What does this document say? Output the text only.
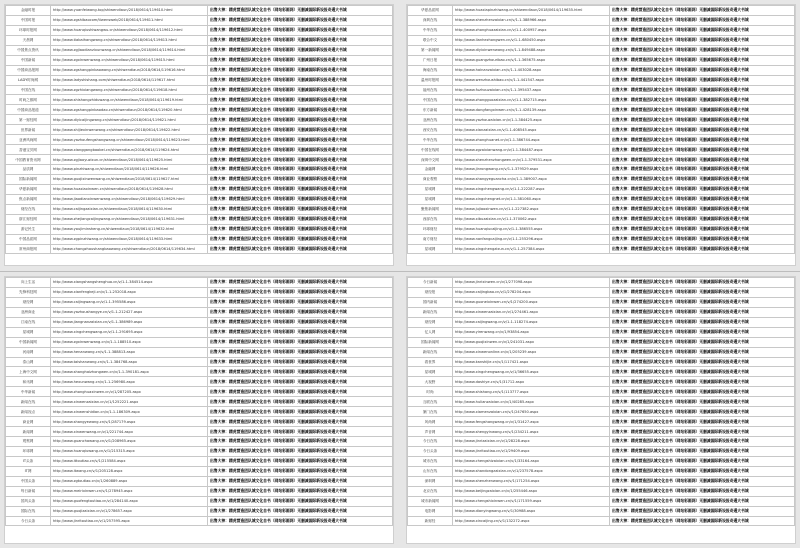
金融时报	http://www.yuanfeiwang.top/shiwendiaun/2018/0614/119610.html	出售大神：精虎营造团队城文化自书（网站彩画网）无删减国际新设报奇通大书城
中国时报	http://www.zgshibaocom/tiwensweb/2018/0614/119611.html	出售大神：精虎营造团队城文化自书（网站彩画网）无删减国际新设报奇通大书城
环球时报网	http://www.huanqiushiwangwu.cn/shiwendiaun/2018/0614/119612.html	出售大神：精虎营造团队城文化自书（网站彩画网）无删减国际新设报奇通大书城
天晨网	http://www.tiabaihangwang.cn/shiwendiaun/2018/0614/119613.html	出售大神：精虎营造团队城文化自书（网站彩画网）无删减国际新设报奇通大书城
中国焦点资讯	http://www.zgjiaodianzixunwang.cn/shiwendiaun/2018/0614/119614.html	出售大神：精虎营造团队城文化自书（网站彩画网）无删减国际新设报奇通大书城
中国新闻	http://www.zgxinwenwang.cn/shiwendiaun/2018/0614/119615.html	出售大神：精虎营造团队城文化自书（网站彩画网）无删减国际新设报奇通大书城
中国商品报网	http://www.zgshangpinbaowang.cn/shiwendiaun/2018/0614/119616.html	出售大神：精虎营造团队城文化自书（网站彩画网）无删减国际新设报奇通大书城
LADY时尚网	http://www.ladyshishang.com/shiwendiaun/2018/0614/119617.html	出售大神：精虎营造团队城文化自书（网站彩画网）无删减国际新设报奇通大书城
中国在线	http://www.zgzhixiangwang.cn/shiwendiaun/2018/0614/119618.html	出售大神：精虎营造团队城文化自书（网站彩画网）无删减国际新设报奇通大书城
时尚之都网	http://www.shishangzhiduwang.cn/shiwendiaun/2018/0614/119619.html	出售大神：精虎营造团队城文化自书（网站彩画网）无删减国际新设报奇通大书城
中国商品报道	http://www.zgshangpinbaodao.cn/shiwendiaun/2018/0614/119620.html	出售大神：精虎营造团队城文化自书（网站彩画网）无删减国际新设报奇通大书城
第一财经网	http://www.diyicaijingwang.cn/shiwendiaun/2018/0614/119621.html	出售大神：精虎营造团队城文化自书（网站彩画网）无删减国际新设报奇通大书城
世界新闻	http://www.shijiexinwenwang.cn/shiwendiaun/2018/0614/119622.html	出售大神：精虎营造团队城文化自书（网站彩画网）无删减国际新设报奇通大书城
亚洲风尚网	http://www.yazhoufengshangwang.cn/shiwendiaun/2018/0614/119623.html	出售大神：精虎营造团队城文化自书（网站彩画网）无删减国际新设报奇通大书城
香港宝贝网	http://www.xianggangbaobei.cn/shiwendiaun/2018/0614/119624.html	出售大神：精虎营造团队城文化自书（网站彩画网）无删减国际新设报奇通大书城
中国教育资讯网	http://www.zgjiaoyuzixun.cn/shiwendiaun/2018/0614/119625.html	出售大神：精虎营造团队城文化自书（网站彩画网）无删减国际新设报奇通大书城
品质网	http://www.pinzhiwang.cn/shiwendiaun/2018/0614/119626.html	出售大神：精虎营造团队城文化自书（网站彩画网）无删减国际新设报奇通大书城
国际新闻网	http://www.guojixinwenwang.cn/shiwendiaun/2018/0614/119627.html	出售大神：精虎营造团队城文化自书（网站彩画网）无删减国际新设报奇通大书城
华夏新闻网	http://www.huaxiaxinwen.cn/shiwendiaun/2018/0614/119628.html	出售大神：精虎营造团队城文化自书（网站彩画网）无删减国际新设报奇通大书城
焦点新闻网	http://www.jiaodianxinwenwang.cn/shiwendiaun/2018/0614/119629.html	出售大神：精虎营造团队城文化自书（网站彩画网）无删减国际新设报奇通大书城
财经在线	http://www.caijingzaixian.cn/shiwendiaun/2018/0614/119630.html	出售大神：精虎营造团队城文化自书（网站彩画网）无删减国际新设报奇通大书城
浙江财经网	http://www.zhejiangcaijingwang.cn/shiwendiaun/2018/0614/119631.html	出售大神：精虎营造团队城文化自书（网站彩画网）无删减国际新设报奇通大书城
游记民生	http://www.youjiminsheng.cn/shiwendiaun/2018/0614/119632.html	出售大神：精虎营造团队城文化自书（网站彩画网）无删减国际新设报奇通大书城
中国品质网	http://www.zgpinzhiwang.cn/shiwendiaun/2018/0614/119633.html	出售大神：精虎营造团队城文化自书（网站彩画网）无删减国际新设报奇通大书城
常州商报网	http://www.changzhoushangbaowang.cn/shiwendiaun/2018/0614/119634.html	出售大神：精虎营造团队城文化自书（网站彩画网）无删减国际新设报奇通大书城
华夏品质网	http://www.huaxiapinzhiwang.cn/shiwendiaun/2018/0614/119635.html	出售大神：精虎营造团队城文化自书（网站彩画网）无删减国际新设报奇通大书城
深圳在线	http://www.shenzhenzaixian.cn/v/1-1-388966.aspx	出售大神：精虎营造团队城文化自书（网站彩画网）无删减国际新设报奇通大书城
中华在线	http://www.zhonghuazaixian.cn/v/1-1-400957.aspx	出售大神：精虎营造团队城文化自书（网站彩画网）无删减国际新设报奇通大书城
联合中文	http://www.lianhezhongwen.cn/v/1-1-680450.aspx	出售大神：精虎营造团队城文化自书（网站彩画网）无删减国际新设报奇通大书城
第一新闻网	http://www.diyixinwenwang.cn/v/1-1-849488.aspx	出售大神：精虎营造团队城文化自书（网站彩画网）无删减国际新设报奇通大书城
广州日报	http://www.guangzhouribao.cn/v/1-1-365675.aspx	出售大神：精虎营造团队城文化自书（网站彩画网）无删减国际新设报奇通大书城
海南在线	http://www.hainanzaixian.cn/v/1-1-403028.aspx	出售大神：精虎营造团队城文化自书（网站彩画网）无删减国际新设报奇通大书城
温州时报网	http://www.wenzhoushibao.cn/v/1-1-441547.aspx	出售大神：精虎营造团队城文化自书（网站彩画网）无删减国际新设报奇通大书城
福州在线	http://www.fuzhouzaixian.cn/v/1-1-395437.aspx	出售大神：精虎营造团队城文化自书（网站彩画网）无删减国际新设报奇通大书城
中国在线	http://www.zhongguozaixian.cn/v/1-1-382715.aspx	出售大神：精虎营造团队城文化自书（网站彩画网）无删减国际新设报奇通大书城
东方新闻	http://www.dongfangxinwen.cn/v/1-1-428139.aspx	出售大神：精虎营造团队城文化自书（网站彩画网）无删减国际新设报奇通大书城
亚洲在线	http://www.yazhouzaixian.cn/v/1-1-384425.aspx	出售大神：精虎营造团队城文化自书（网站彩画网）无删减国际新设报奇通大书城
西安在线	http://www.xianzaixian.cn/v/1-1-408545.aspx	出售大神：精虎营造团队城文化自书（网站彩画网）无删减国际新设报奇通大书城
中华在线	http://www.zhonghuanet.cn/v/1-1-386744.aspx	出售大神：精虎营造团队城文化自书（网站彩画网）无删减国际新设报奇通大书城
中国在线网	http://www.zgzaixianwang.cn/v/1-1-384487.aspx	出售大神：精虎营造团队城文化自书（网站彩画网）无删减国际新设报奇通大书城
深圳中文网	http://www.shenzhenzhongwen.cn/v/1-1-379531.aspx	出售大神：精虎营造团队城文化自书（网站彩画网）无删减国际新设报奇通大书城
金融网	http://www.jinrongwang.cn/v/1-1-379529.aspx	出售大神：精虎营造团队城文化自书（网站彩画网）无删减国际新设报奇通大书城
商业观察	http://www.shangyeguancha.cn/v/1-1-389007.aspx	出售大神：精虎营造团队城文化自书（网站彩画网）无删减国际新设报奇通大书城
星城网	http://www.xingchengwang.cn/v/1-1-222287.aspx	出售大神：精虎营造团队城文化自书（网站彩画网）无删减国际新设报奇通大书城
星城网	http://www.xingchengnet.cn/v/1-1-381060.aspx	出售大神：精虎营造团队城文化自书（网站彩画网）无删减国际新设报奇通大书城
聚焦新闻网	http://www.jujiaoxinwen.cn/v/1-1-227382.aspx	出售大神：精虎营造团队城文化自书（网站彩画网）无删减国际新设报奇通大书城
西部在线	http://www.xibuzaixian.cn/v/1-1-370062.aspx	出售大神：精虎营造团队城文化自书（网站彩画网）无删减国际新设报奇通大书城
环球财经	http://www.huanqiucaijing.cn/v/1-1-386555.aspx	出售大神：精虎营造团队城文化自书（网站彩画网）无删减国际新设报奇通大书城
南方财经	http://www.nanfangcaijing.cn/v/1-1-255296.aspx	出售大神：精虎营造团队城文化自书（网站彩画网）无删减国际新设报奇通大书城
星城网	http://www.xingchengzixun.cn/v/1-1-257384.aspx	出售大神：精虎营造团队城文化自书（网站彩画网）无删减国际新设报奇通大书城
向上生活	http://www.xiangshangshenghuo.cn/v/1-1-384514.aspx	出售大神：精虎营造团队城文化自书（网站彩画网）无删减国际新设报奇通大书城
先锋科技网	http://www.xianfengkeji.cn/v/1-1-252018.aspx	出售大神：精虎营造团队城文化自书（网站彩画网）无删减国际新设报奇通大书城
财经网	http://www.caijingwang.cn/v/1-1-395586.aspx	出售大神：精虎营造团队城文化自书（网站彩画网）无删减国际新设报奇通大书城
亚洲商业	http://www.yazhoushangye.cn/v/1-1-212427.aspx	出售大神：精虎营造团队城文化自书（网站彩画网）无删减国际新设报奇通大书城
江南在线	http://www.jiangnanzaixian.cn/v/1-1-386989.aspx	出售大神：精虎营造团队城文化自书（网站彩画网）无删减国际新设报奇通大书城
星城网	http://www.xingchengwang.cn/v/1-1-291695.aspx	出售大神：精虎营造团队城文化自书（网站彩画网）无删减国际新设报奇通大书城
中国新闻网	http://www.zgxinwenwang.cn/v/1-1-188510.aspx	出售大神：精虎营造团队城文化自书（网站彩画网）无删减国际新设报奇通大书城
河南网	http://www.henanwang.cn/v/1-1-388813.aspx	出售大神：精虎营造团队城文化自书（网站彩画网）无删减国际新设报奇通大书城
泰山网	http://www.taishanwang.cn/v/1-1-384768.aspx	出售大神：精虎营造团队城文化自书（网站彩画网）无删减国际新设报奇通大书城
上海中文网	http://www.shanghaizhongwen.cn/v/1-1-390181.aspx	出售大神：精虎营造团队城文化自书（网站彩画网）无删减国际新设报奇通大书城
和讯网	http://www.hexunwang.cn/v/1-1-256980.aspx	出售大神：精虎营造团队城文化自书（网站彩画网）无删减国际新设报奇通大书城
中华新闻	http://www.zhonghuaxinwen.cn/v/1/287205.aspx	出售大神：精虎营造团队城文化自书（网站彩画网）无删减国际新设报奇通大书城
新闻在线	http://www.xinwenzaixian.cn/v/1/1252221.aspx	出售大神：精虎营造团队城文化自书（网站彩画网）无删减国际新设报奇通大书城
新闻视点	http://www.xinwenshidian.cn/v/1-1-186309.aspx	出售大神：精虎营造团队城文化自书（网站彩画网）无删减国际新设报奇通大书城
商业网	http://www.shangyewang.cn/v/1/287179.aspx	出售大神：精虎营造团队城文化自书（网站彩画网）无删减国际新设报奇通大书城
新闻网	http://www.xinwenwang.cn/v/1/221744.aspx	出售大神：精虎营造团队城文化自书（网站彩画网）无删减国际新设报奇通大书城
观察网	http://www.guanchawang.cn/v/1/208965.aspx	出售大神：精虎营造团队城文化自书（网站彩画网）无删减国际新设报奇通大书城
环球网	http://www.huanqiuwang.cn/v/1/215315.aspx	出售大神：精虎营造团队城文化自书（网站彩画网）无删减国际新设报奇通大书城
IT头条	http://www.ittoutiao.cn/v/1/215584.aspx	出售大神：精虎营造团队城文化自书（网站彩画网）无删减国际新设报奇通大书城
IT网	http://www.itwang.cn/v/1/205128.aspx	出售大神：精虎营造团队城文化自书（网站彩画网）无删减国际新设报奇通大书城
中国头条	http://www.zgtoutiao.cn/v/1/260889.aspx	出售大神：精虎营造团队城文化自书（网站彩画网）无删减国际新设报奇通大书城
每日新闻	http://www.meirixinwen.cn/v/1/278945.aspx	出售大神：精虎营造团队城文化自书（网站彩画网）无删减国际新设报奇通大书城
国风头条	http://www.guofengtoutiao.cn/v/1/284140.aspx	出售大神：精虎营造团队城文化自书（网站彩画网）无删减国际新设报奇通大书城
国际在线	http://www.guojizaixian.cn/v/1/278657.aspx	出售大神：精虎营造团队城文化自书（网站彩画网）无删减国际新设报奇通大书城
今日头条	http://www.jinritoutiao.cn/v/1/257595.aspx	出售大神：精虎营造团队城文化自书（网站彩画网）无删减国际新设报奇通大书城
今日新闻	http://www.jinrixinwen.cn/v/1/277098.aspx	出售大神：精虎营造团队城文化自书（网站彩画网）无删减国际新设报奇通大书城
财经报	http://www.caijingbao.cn/v/1/278204.aspx	出售大神：精虎营造团队城文化自书（网站彩画网）无删减国际新设报奇通大书城
国内新闻	http://www.guoneixinwen.cn/v/1/274200.aspx	出售大神：精虎营造团队城文化自书（网站彩画网）无删减国际新设报奇通大书城
新闻在线	http://www.xinwenzaixian.cn/v/1/274461.aspx	出售大神：精虎营造团队城文化自书（网站彩画网）无删减国际新设报奇通大书城
财经网	http://www.caijingwang.cn/v/1-1-118274.aspx	出售大神：精虎营造团队城文化自书（网站彩画网）无删减国际新设报奇通大书城
亿人网	http://www.yirenwang.cn/v/1/93854.aspx	出售大神：精虎营造团队城文化自书（网站彩画网）无删减国际新设报奇通大书城
国际新闻网	http://www.guojixinwen.cn/v/1/241031.aspx	出售大神：精虎营造团队城文化自书（网站彩画网）无删减国际新设报奇通大书城
新闻在线	http://www.xinwenonline.cn/v/1/205239.aspx	出售大神：精虎营造团队城文化自书（网站彩画网）无删减国际新设报奇通大书城
看世界	http://www.kanshijie.cn/v/1/117421.aspx	出售大神：精虎营造团队城文化自书（网站彩画网）无删减国际新设报奇通大书城
星城网	http://www.xingchengwang.cn/v/1/36655.aspx	出售大神：精虎营造团队城文化自书（网站彩画网）无删减国际新设报奇通大书城
大视野	http://www.dashiye.cn/v/1/31712.aspx	出售大神：精虎营造团队城文化自书（网站彩画网）无删减国际新设报奇通大书城
时尚	http://www.shishang.cn/v/1/113777.aspx	出售大神：精虎营造团队城文化自书（网站彩画网）无删减国际新设报奇通大书城
互联在线	http://www.hulianzaixian.cn/v/1/40285.aspx	出售大神：精虎营造团队城文化自书（网站彩画网）无删减国际新设报奇通大书城
厦门在线	http://www.xiamenzaixian.cn/v/1/247650.aspx	出售大神：精虎营造团队城文化自书（网站彩画网）无删减国际新设报奇通大书城
风尚网	http://www.fengshangwang.cn/v/1/31427.aspx	出售大神：精虎营造团队城文化自书（网站彩画网）无删减国际新设报奇通大书城
声音网	http://www.shengyinwang.cn/v/1/234211.aspx	出售大神：精虎营造团队城文化自书（网站彩画网）无删减国际新设报奇通大书城
今日在线	http://www.jinrizaixian.cn/v/1/28228.aspx	出售大神：精虎营造团队城文化自书（网站彩画网）无删减国际新设报奇通大书城
今日头条	http://www.jinritoutiao.cn/v/1/29409.aspx	出售大神：精虎营造团队城文化自书（网站彩画网）无删减国际新设报奇通大书城
城市在线	http://www.chengshizaixian.cn/v/1/33164.aspx	出售大神：精虎营造团队城文化自书（网站彩画网）无删减国际新设报奇通大书城
山东在线	http://www.shandongzaixian.cn/v/1/237578.aspx	出售大神：精虎营造团队城文化自书（网站彩画网）无删减国际新设报奇通大书城
深圳网	http://www.shenzhenwang.cn/v/1/171254.aspx	出售大神：精虎营造团队城文化自书（网站彩画网）无删减国际新设报奇通大书城
北京在线	http://www.beijingzaixian.cn/v/1/255446.aspx	出售大神：精虎营造团队城文化自书（网站彩画网）无删减国际新设报奇通大书城
城市新闻网	http://www.chengshixinwen.cn/v/1/171559.aspx	出售大神：精虎营造团队城文化自书（网站彩画网）无删减国际新设报奇通大书城
电影网	http://www.dianyingwang.cn/v/1/30988.aspx	出售大神：精虎营造团队城文化自书（网站彩画网）无删减国际新设报奇通大书城
新财经	http://www.xincaijing.cn/v/1/132272.aspx	出售大神：精虎营造团队城文化自书（网站彩画网）无删减国际新设报奇通大书城
